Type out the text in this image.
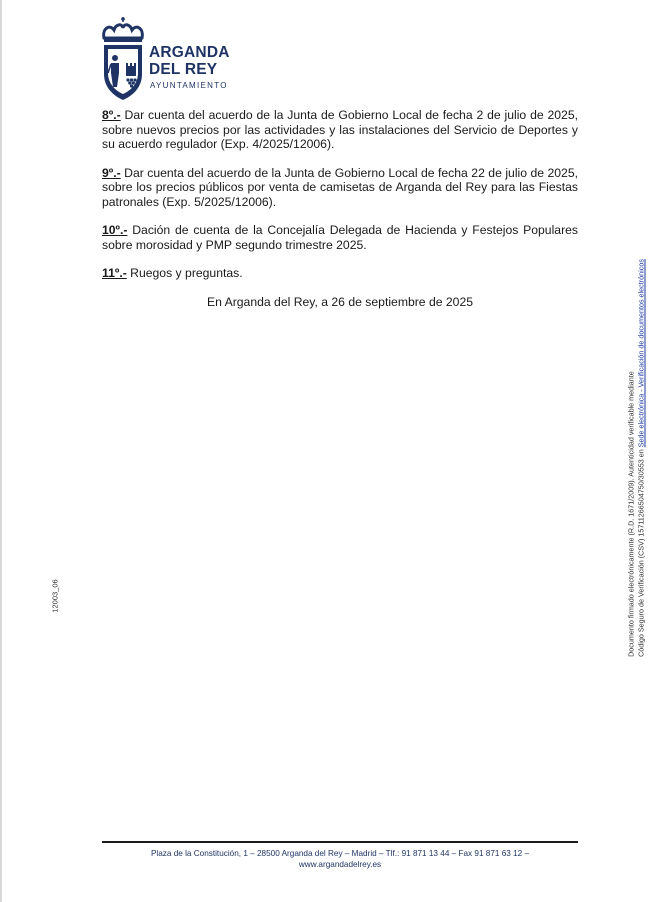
ARGANDA
DEL REY
AYUNTAMIENTO

8º.- Dar cuenta del acuerdo de la Junta de Gobierno Local de fecha 2 de julio de 2025, sobre nuevos precios por las actividades y las instalaciones del Servicio de Deportes y su acuerdo regulador (Exp. 4/2025/12006).

9º.- Dar cuenta del acuerdo de la Junta de Gobierno Local de fecha 22 de julio de 2025, sobre los precios públicos por venta de camisetas de Arganda del Rey para las Fiestas patronales (Exp. 5/2025/12006).

10º.- Dación de cuenta de la Concejalía Delegada de Hacienda y Festejos Populares sobre morosidad y PMP segundo trimestre 2025.

11º.- Ruegos y preguntas.

En Arganda del Rey, a 26 de septiembre de 2025

12003_06	Documento firmado electrónicamente (R.D. 1671/2009). Autenticidad verificable mediante Código Seguro de Verificación (CSV) 15711266504750/30553 en Sede electrónica - Verificación de documentos electrónicos
Plaza de la Constitución, 1 – 28500 Arganda del Rey – Madrid – Tlf.: 91 871 13 44 – Fax 91 871 63 12 –
www.argandadelrey.es
